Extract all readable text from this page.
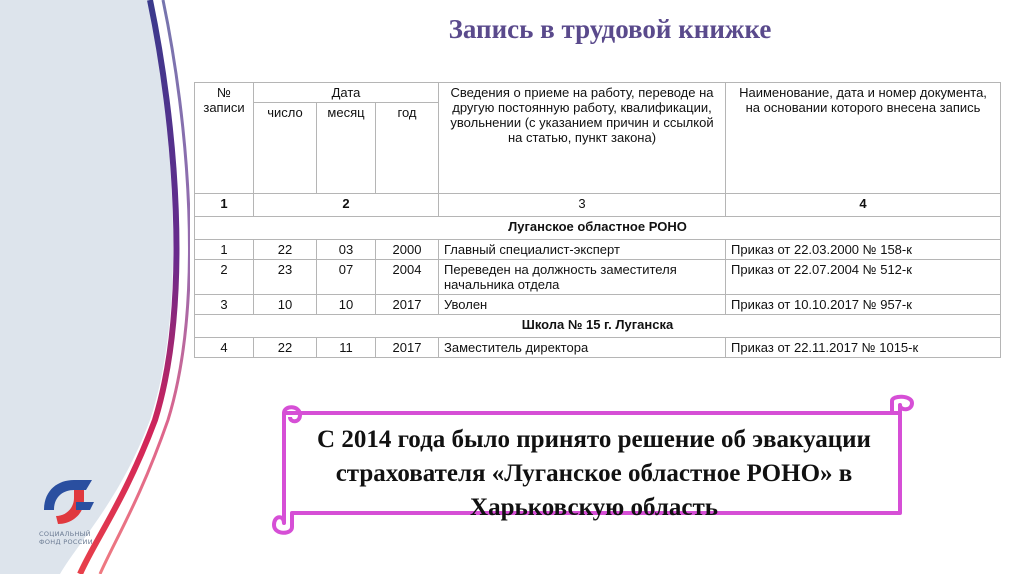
Запись в трудовой книжке
№ записи	Дата			Сведения о приеме на работу, переводе на другую постоянную работу, квалификации, увольнении (с указанием причин и ссылкой на статью, пункт закона)	Наименование, дата и номер документа, на основании которого внесена запись
	число	месяц	год		
1	2			3	4
Луганское областное РОНО					
1	22	03	2000	Главный специалист-эксперт	Приказ от 22.03.2000 № 158-к
2	23	07	2004	Переведен на должность заместителя начальника отдела	Приказ от 22.07.2004 № 512-к
3	10	10	2017	Уволен	Приказ от 10.10.2017 № 957-к
Школа № 15 г. Луганска					
4	22	11	2017	Заместитель директора	Приказ от 22.11.2017 № 1015-к
С 2014 года было принято решение об эвакуации страхователя «Луганское областное РОНО» в Харьковскую область
СОЦИАЛЬНЫЙ
ФОНД РОССИИ
